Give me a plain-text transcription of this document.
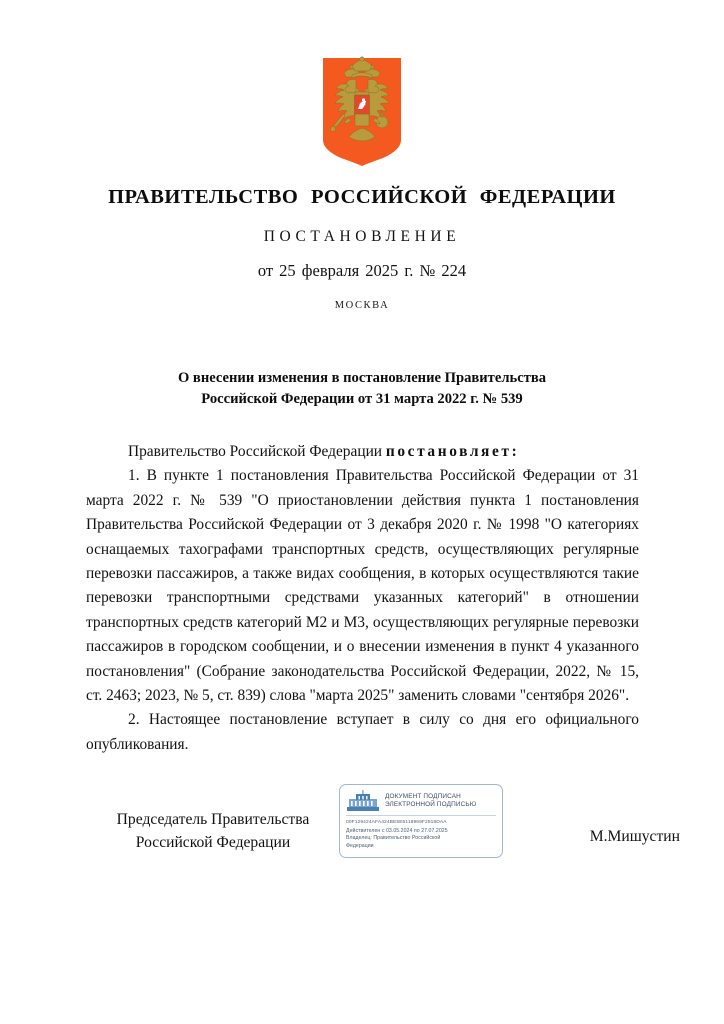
ПРАВИТЕЛЬСТВО РОССИЙСКОЙ ФЕДЕРАЦИИ
ПОСТАНОВЛЕНИЕ
от 25 февраля 2025 г. № 224
МОСКВА
О внесении изменения в постановление Правительства
Российской Федерации от 31 марта 2022 г. № 539

Правительство Российской Федерации постановляет:

1. В пункте 1 постановления Правительства Российской Федерации от 31 марта 2022 г. № 539 "О приостановлении действия пункта 1 постановления Правительства Российской Федерации от 3 декабря 2020 г. № 1998 "О категориях оснащаемых тахографами транспортных средств, осуществляющих регулярные перевозки пассажиров, а также видах сообщения, в которых осуществляются такие перевозки транспортными средствами указанных категорий" в отношении транспортных средств категорий М2 и М3, осуществляющих регулярные перевозки пассажиров в городском сообщении, и о внесении изменения в пункт 4 указанного постановления" (Собрание законодательства Российской Федерации, 2022, № 15, ст. 2463; 2023, № 5, ст. 839) слова "марта 2025" заменить словами "сентября 2026".

2. Настоящее постановление вступает в силу со дня его официального опубликования.

Председатель Правительства
Российской Федерации	М.Мишустин
ДОКУМЕНТ ПОДПИСАН
ЭЛЕКТРОННОЙ ПОДПИСЬЮ
00F129424AFA424BE5E6118969F2816DAA
Действителен с 03.05.2024 по 27.07.2025
Владелец: Правительство Российской
Федерации
